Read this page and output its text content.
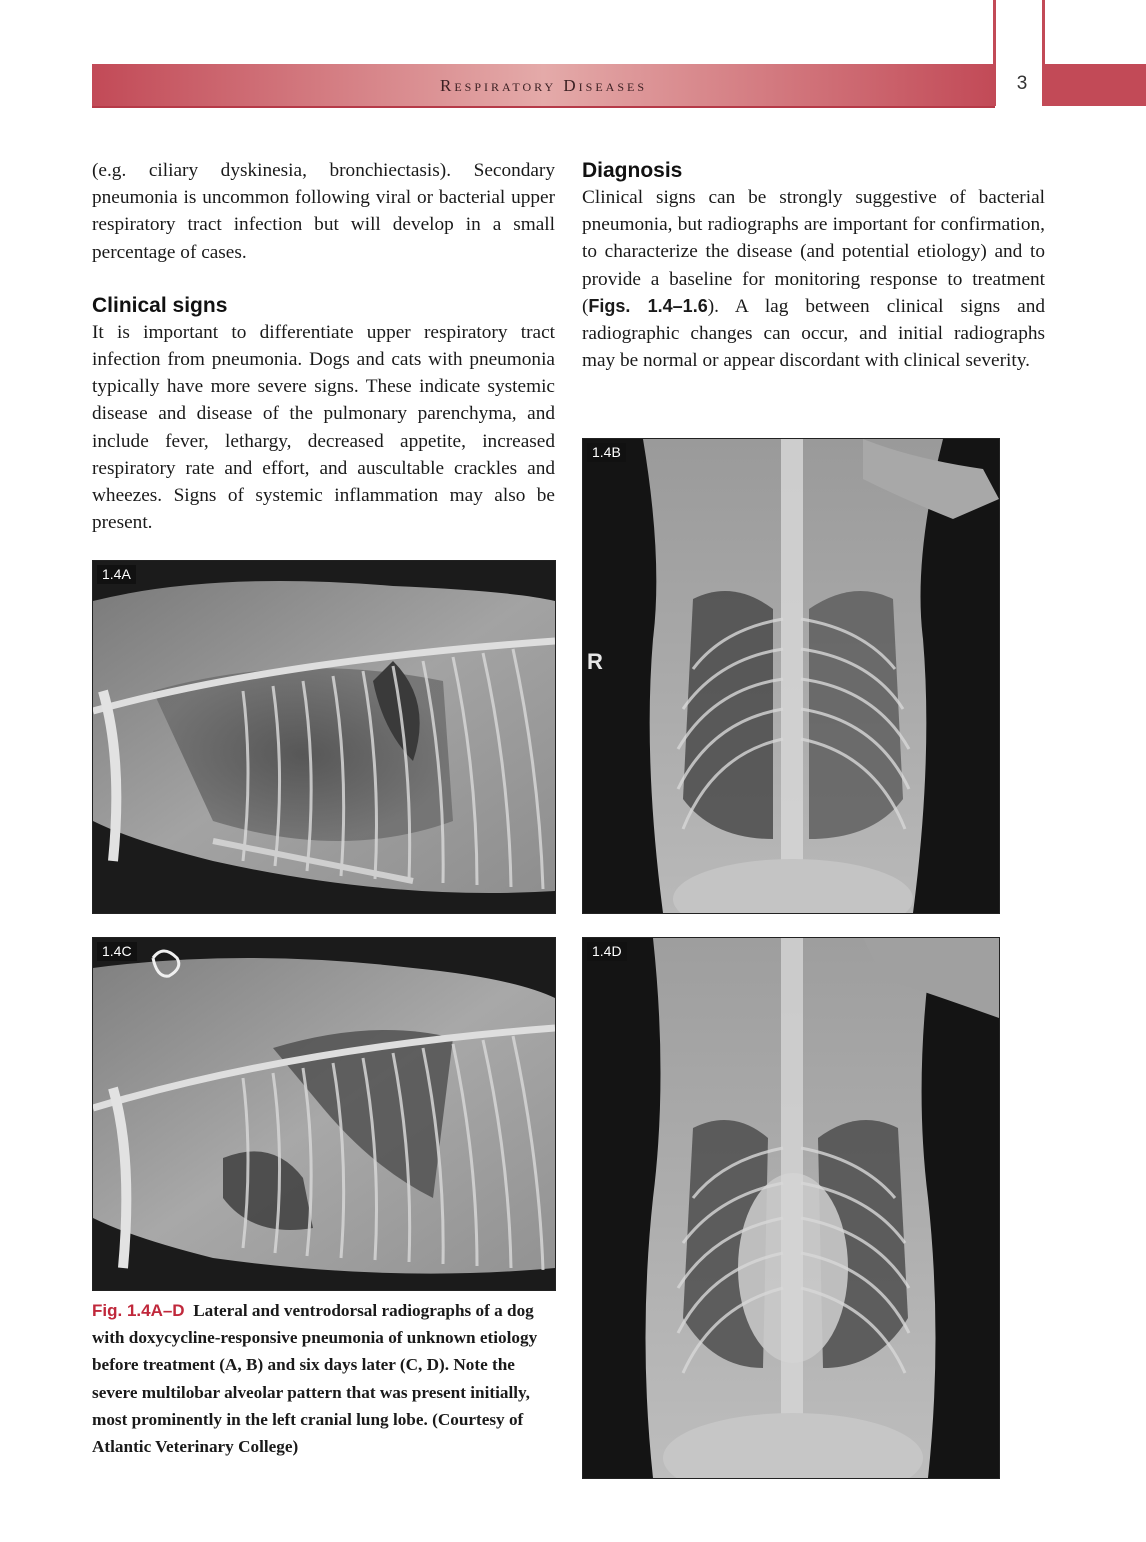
Respiratory Diseases	3

(e.g. ciliary dyskinesia, bronchiectasis). Secondary pneumonia is uncommon following viral or bacterial upper respiratory tract infection but will develop in a small percentage of cases.

Clinical signs

It is important to differentiate upper respiratory tract infection from pneumonia. Dogs and cats with pneumonia typically have more severe signs. These indicate systemic disease and disease of the pulmonary parenchyma, and include fever, lethargy, decreased appetite, increased respiratory rate and effort, and auscultable crackles and wheezes. Signs of systemic inflammation may also be present.

Diagnosis

Clinical signs can be strongly suggestive of bacterial pneumonia, but radiographs are important for confirmation, to characterize the disease (and potential etiology) and to provide a baseline for monitoring response to treatment (Figs. 1.4–1.6). A lag between clinical signs and radiographic changes can occur, and initial radiographs may be normal or appear discordant with clinical severity.

1.4A
R
1.4B
1.4C	1.4D
Fig. 1.4A–D Lateral and ventrodorsal radiographs of a dog with doxycycline-responsive pneumonia of unknown etiology before treatment (A, B) and six days later (C, D). Note the severe multilobar alveolar pattern that was present initially, most prominently in the left cranial lung lobe. (Courtesy of Atlantic Veterinary College)
